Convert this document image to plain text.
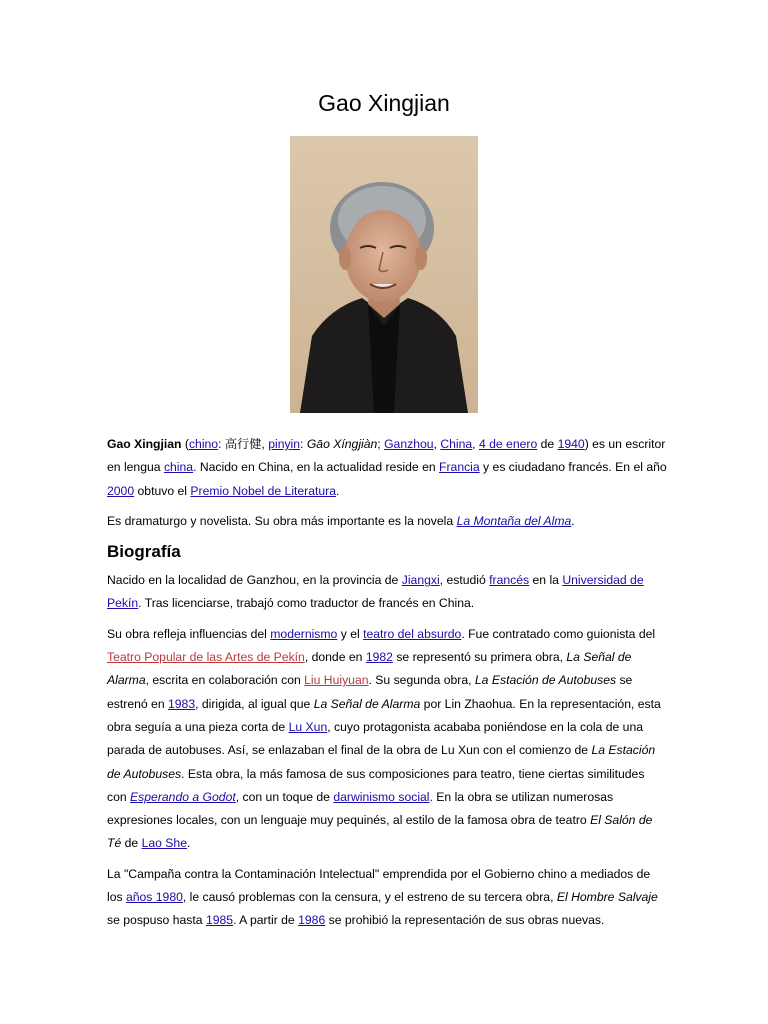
Gao Xingjian

Gao Xingjian (chino: 高行健, pinyin: Gāo Xíngjiàn; Ganzhou, China, 4 de enero de 1940) es un escritor en lengua china. Nacido en China, en la actualidad reside en Francia y es ciudadano francés. En el año 2000 obtuvo el Premio Nobel de Literatura.

Es dramaturgo y novelista. Su obra más importante es la novela La Montaña del Alma.

Biografía

Nacido en la localidad de Ganzhou, en la provincia de Jiangxi, estudió francés en la Universidad de Pekín. Tras licenciarse, trabajó como traductor de francés en China.

Su obra refleja influencias del modernismo y el teatro del absurdo. Fue contratado como guionista del Teatro Popular de las Artes de Pekín, donde en 1982 se representó su primera obra, La Señal de Alarma, escrita en colaboración con Liu Huiyuan. Su segunda obra, La Estación de Autobuses se estrenó en 1983, dirigida, al igual que La Señal de Alarma por Lin Zhaohua. En la representación, esta obra seguía a una pieza corta de Lu Xun, cuyo protagonista acababa poniéndose en la cola de una parada de autobuses. Así, se enlazaban el final de la obra de Lu Xun con el comienzo de La Estación de Autobuses. Esta obra, la más famosa de sus composiciones para teatro, tiene ciertas similitudes con Esperando a Godot, con un toque de darwinismo social. En la obra se utilizan numerosas expresiones locales, con un lenguaje muy pequinés, al estilo de la famosa obra de teatro El Salón de Té de Lao She.

La "Campaña contra la Contaminación Intelectual" emprendida por el Gobierno chino a mediados de los años 1980, le causó problemas con la censura, y el estreno de su tercera obra, El Hombre Salvaje se pospuso hasta 1985. A partir de 1986 se prohibió la representación de sus obras nuevas.
